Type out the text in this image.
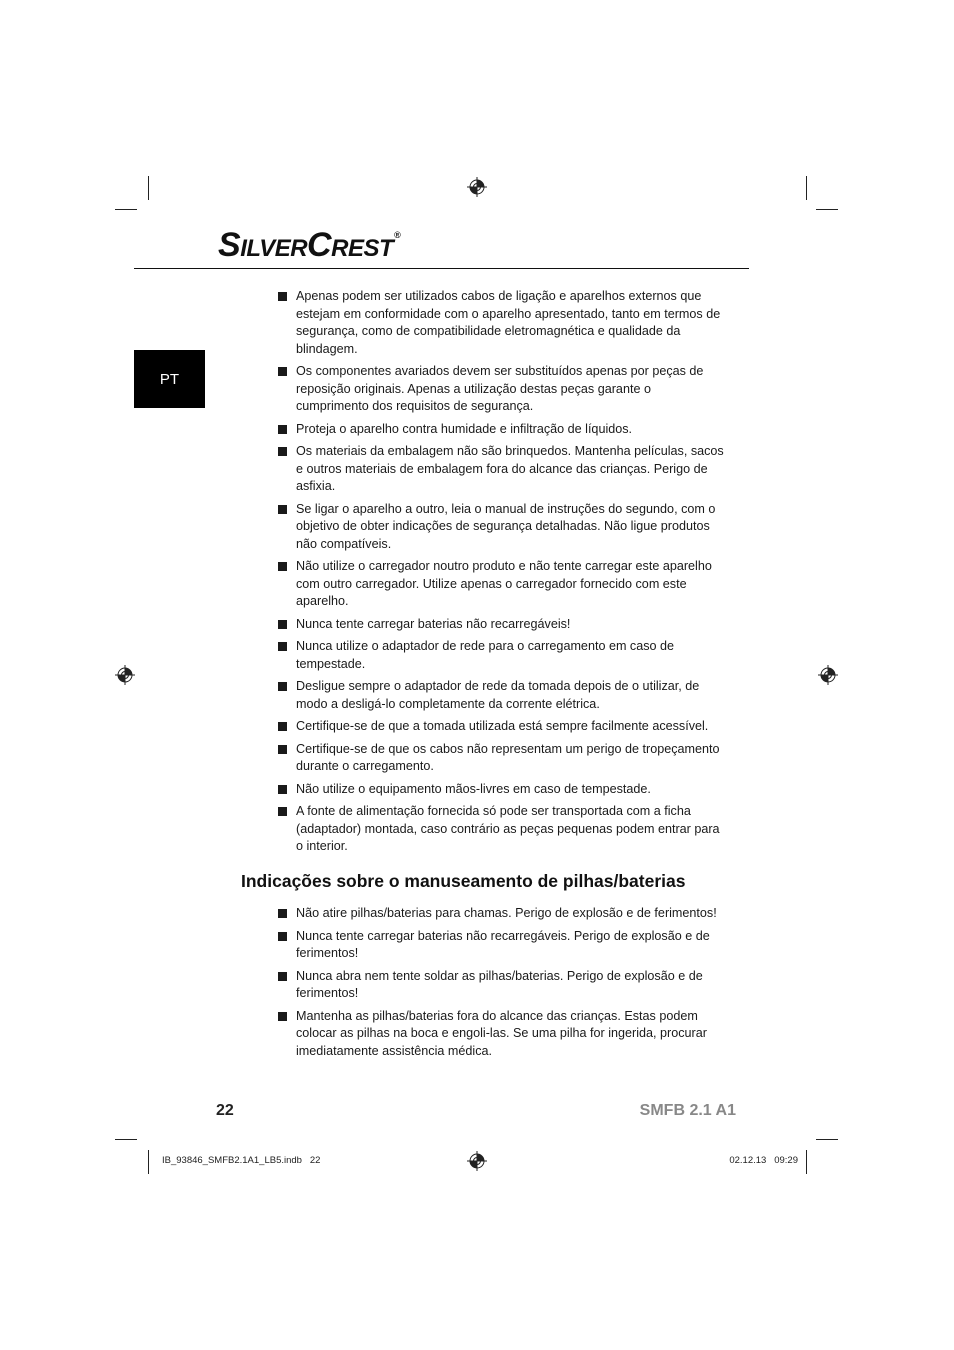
SILVERCREST®
PT
Apenas podem ser utilizados cabos de ligação e aparelhos externos que estejam em conformidade com o aparelho apresentado, tanto em termos de segurança, como de compatibilidade eletromagnética e qualidade da blindagem.
Os componentes avariados devem ser substituídos apenas por peças de reposição originais. Apenas a utilização destas peças garante o cumprimento dos requisitos de segurança.
Proteja o aparelho contra humidade e infiltração de líquidos.
Os materiais da embalagem não são brinquedos. Mantenha películas, sacos e outros materiais de embalagem fora do alcance das crianças. Perigo de asfixia.
Se ligar o aparelho a outro, leia o manual de instruções do segundo, com o objetivo de obter indicações de segurança detalhadas. Não ligue produtos não compatíveis.
Não utilize o carregador noutro produto e não tente carregar este aparelho com outro carregador. Utilize apenas o carregador fornecido com este aparelho.
Nunca tente carregar baterias não recarregáveis!
Nunca utilize o adaptador de rede para o carregamento em caso de tempestade.
Desligue sempre o adaptador de rede da tomada depois de o utilizar, de modo a desligá-lo completamente da corrente elétrica.
Certifique-se de que a tomada utilizada está sempre facilmente acessível.
Certifique-se de que os cabos não representam um perigo de tropeçamento durante o carregamento.
Não utilize o equipamento mãos-livres em caso de tempestade.
A fonte de alimentação fornecida só pode ser transportada com a ficha (adaptador) montada, caso contrário as peças pequenas podem entrar para o interior.
Indicações sobre o manuseamento de pilhas/baterias
Não atire pilhas/baterias para chamas. Perigo de explosão e de ferimentos!
Nunca tente carregar baterias não recarregáveis. Perigo de explosão e de ferimentos!
Nunca abra nem tente soldar as pilhas/baterias. Perigo de explosão e de ferimentos!
Mantenha as pilhas/baterias fora do alcance das crianças. Estas podem colocar as pilhas na boca e engoli-las. Se uma pilha for ingerida, procurar imediatamente assistência médica.
22	SMFB 2.1 A1
IB_93846_SMFB2.1A1_LB5.indb   22	02.12.13   09:29
